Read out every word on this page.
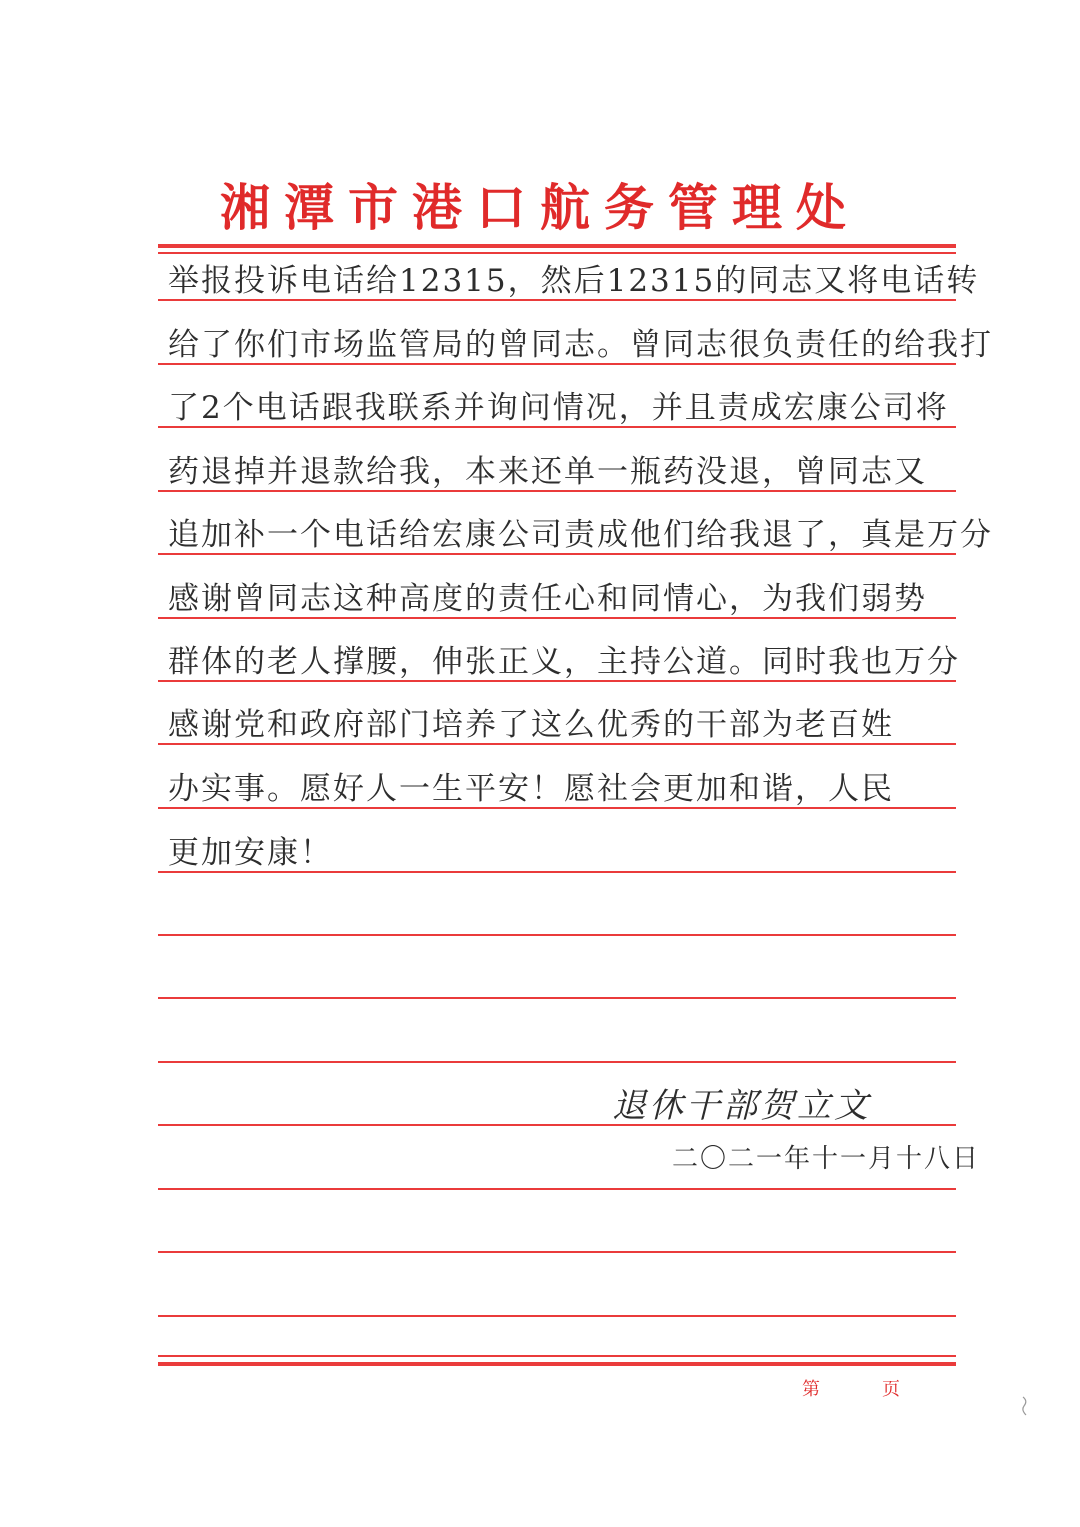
湘潭市港口航务管理处
举报投诉电话给12315，然后12315的同志又将电话转
给了你们市场监管局的曾同志。曾同志很负责任的给我打
了2个电话跟我联系并询问情况，并且责成宏康公司将
药退掉并退款给我，本来还单一瓶药没退，曾同志又
追加补一个电话给宏康公司责成他们给我退了，真是万分
感谢曾同志这种高度的责任心和同情心，为我们弱势
群体的老人撑腰，伸张正义，主持公道。同时我也万分
感谢党和政府部门培养了这么优秀的干部为老百姓
办实事。愿好人一生平安！愿社会更加和谐，人民
更加安康！
退休干部贺立文
二〇二一年十一月十八日
第	页
